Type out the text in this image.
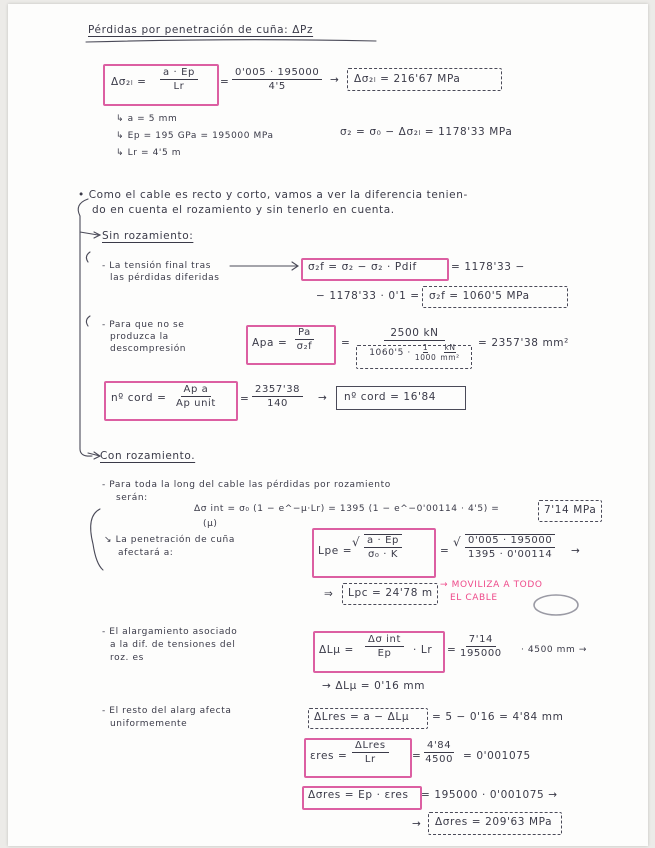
Pérdidas por penetración de cuña: ΔPz
$\Delta\sigma_{2l} = \frac{a \cdot Ep}{Lr} = \frac{0'005 \cdot 195000}{4'5} \to \Delta\sigma_{2l} = 216'67$ MPa
↳ a = 5 mm
↳ Ep = 195 GPa = 195000 MPa
↳ Lr = 4'5 m
σ₂ = σ₀ − Δσ₂ₗ = 1178'33 MPa
• Como el cable es recto y corto, vamos a ver la diferencia tenien-
do en cuenta el rozamiento y sin tenerlo en cuenta.
Sin rozamiento:
- La tensión final tras
las pérdidas diferidas
σ₂f = σ₂ − σ₂ · Pdif	= 1178'33 −
− 1178'33 · 0'1 = σ₂f = 1060'5 MPa
- Para que no se
produzca la
descompresión	Apa = $\frac{Pa}{\text{σ₂f}}$	=
2500 kN
$1060'5 \cdot \frac{1}{1000} \frac{kN}{\text{mm²}} = 2357'38$ mm²
nº cord =
Ap a
Ap unit = $\frac{2357'38}{140}$ → nº cord = 16'84
Con rozamiento.
- Para toda la long del cable las pérdidas por rozamiento
serán:
Δσ int = σ₀ (1 − e^−μ·Lr) = 1395 (1 − e^−0'00114 · 4'5) =
(μ)
7'14 MPa
↘ La penetración de cuña
afectará a:	Lpe =
√ $\frac{a \cdot Ep}{\text{σ₀ · K}}$	=
√ $\frac{0'005 \cdot 195000}{1395 \cdot 0'00114}$ →
⇒ Lpc = 24'78 m
→ MOVILIZA A TODO
EL CABLE
- El alargamiento asociado
a la dif. de tensiones del
roz. es
ΔLμ =
Δσ int
$Ep \cdot Lr = \frac{7'14}{195000} \cdot 4500$ mm →
→ ΔLμ = 0'16 mm
- El resto del alarg afecta
uniformemente
ΔLres = a − ΔLμ = 5 − 0'16 = 4'84 mm
εres =
ΔLres
Lr	= $\frac{4'84}{4500} = 0'001075$
Δσres = Ep · εres = 195000 · 0'001075 →
→ Δσres = 209'63 MPa
